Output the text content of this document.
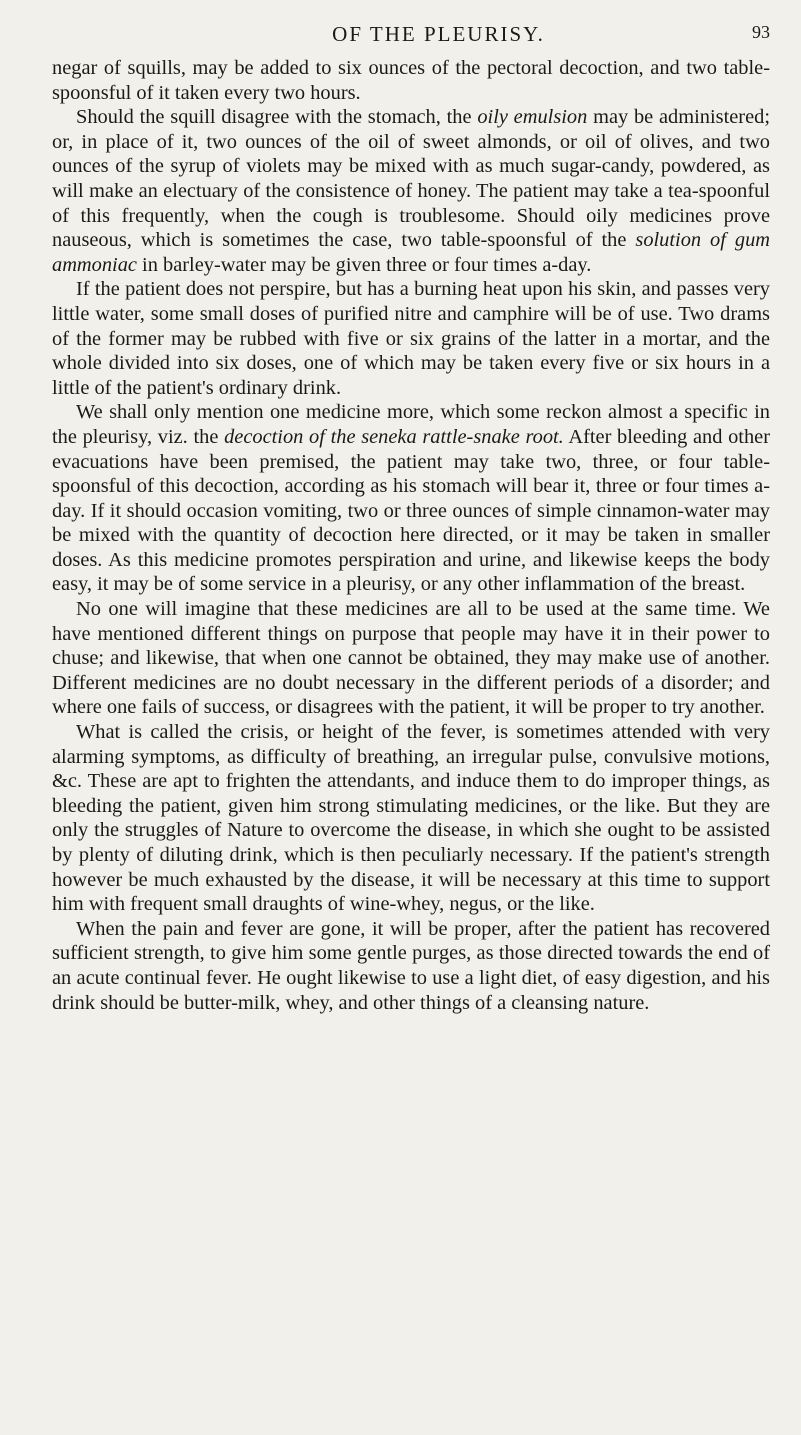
OF THE PLEURISY.	93

negar of squills, may be added to six ounces of the pectoral decoction, and two table-spoonsful of it taken every two hours.

Should the squill disagree with the stomach, the oily emulsion may be administered; or, in place of it, two ounces of the oil of sweet almonds, or oil of olives, and two ounces of the syrup of violets may be mixed with as much sugar-candy, powdered, as will make an electuary of the consistence of honey. The patient may take a tea-spoonful of this frequently, when the cough is troublesome. Should oily medicines prove nauseous, which is sometimes the case, two table-spoonsful of the solution of gum ammoniac in barley-water may be given three or four times a-day.

If the patient does not perspire, but has a burning heat upon his skin, and passes very little water, some small doses of purified nitre and camphire will be of use. Two drams of the former may be rubbed with five or six grains of the latter in a mortar, and the whole divided into six doses, one of which may be taken every five or six hours in a little of the patient's ordinary drink.

We shall only mention one medicine more, which some reckon almost a specific in the pleurisy, viz. the decoction of the seneka rattle-snake root. After bleeding and other evacuations have been premised, the patient may take two, three, or four table-spoonsful of this decoction, according as his stomach will bear it, three or four times a-day. If it should occasion vomiting, two or three ounces of simple cinnamon-water may be mixed with the quantity of decoction here directed, or it may be taken in smaller doses. As this medicine promotes perspiration and urine, and likewise keeps the body easy, it may be of some service in a pleurisy, or any other inflammation of the breast.

No one will imagine that these medicines are all to be used at the same time. We have mentioned different things on purpose that people may have it in their power to chuse; and likewise, that when one cannot be obtained, they may make use of another. Different medicines are no doubt necessary in the different periods of a disorder; and where one fails of success, or disagrees with the patient, it will be proper to try another.

What is called the crisis, or height of the fever, is sometimes attended with very alarming symptoms, as difficulty of breathing, an irregular pulse, convulsive motions, &c. These are apt to frighten the attendants, and induce them to do improper things, as bleeding the patient, given him strong stimulating medicines, or the like. But they are only the struggles of Nature to overcome the disease, in which she ought to be assisted by plenty of diluting drink, which is then peculiarly necessary. If the patient's strength however be much exhausted by the disease, it will be necessary at this time to support him with frequent small draughts of wine-whey, negus, or the like.

When the pain and fever are gone, it will be proper, after the patient has recovered sufficient strength, to give him some gentle purges, as those directed towards the end of an acute continual fever. He ought likewise to use a light diet, of easy digestion, and his drink should be butter-milk, whey, and other things of a cleansing nature.
